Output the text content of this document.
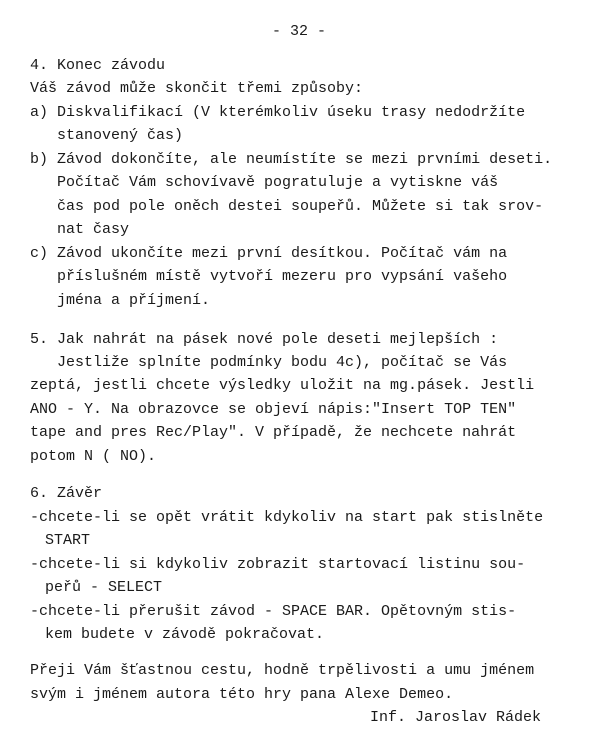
- 32 -
4. Konec závodu
Váš závod může skončit třemi způsoby:
a) Diskvalifikací (V kterémkoliv úseku trasy nedodržíte
stanovený čas)
b) Závod dokončíte, ale neumístíte se mezi prvními deseti.
Počítač Vám schovívavě pogratuluje a vytiskne váš
čas pod pole oněch destei soupeřů. Můžete si tak srov-
nat časy
c) Závod ukončíte mezi první desítkou. Počítač vám na
příslušném místě vytvoří mezeru pro vypsání vašeho
jména a příjmení.
5. Jak nahrát na pásek nové pole deseti mejlepších :
Jestliže splníte podmínky bodu 4c), počítač se Vás
zeptá, jestli chcete výsledky uložit na mg.pásek. Jestli
ANO - Y. Na obrazovce se objeví nápis:"Insert TOP TEN"
tape and pres Rec/Play". V případě, že nechcete nahrát
potom N ( NO).
6. Závěr
-chcete-li se opět vrátit kdykoliv na start pak stislněte
START
-chcete-li si kdykoliv zobrazit startovací listinu sou-
peřů - SELECT
-chcete-li přerušit závod - SPACE BAR. Opětovným stis-
kem budete v závodě pokračovat.
Přeji Vám šťastnou cestu, hodně trpělivosti a umu jménem
svým i jménem autora této hry pana Alexe Demeo.
Inf. Jaroslav Rádek
